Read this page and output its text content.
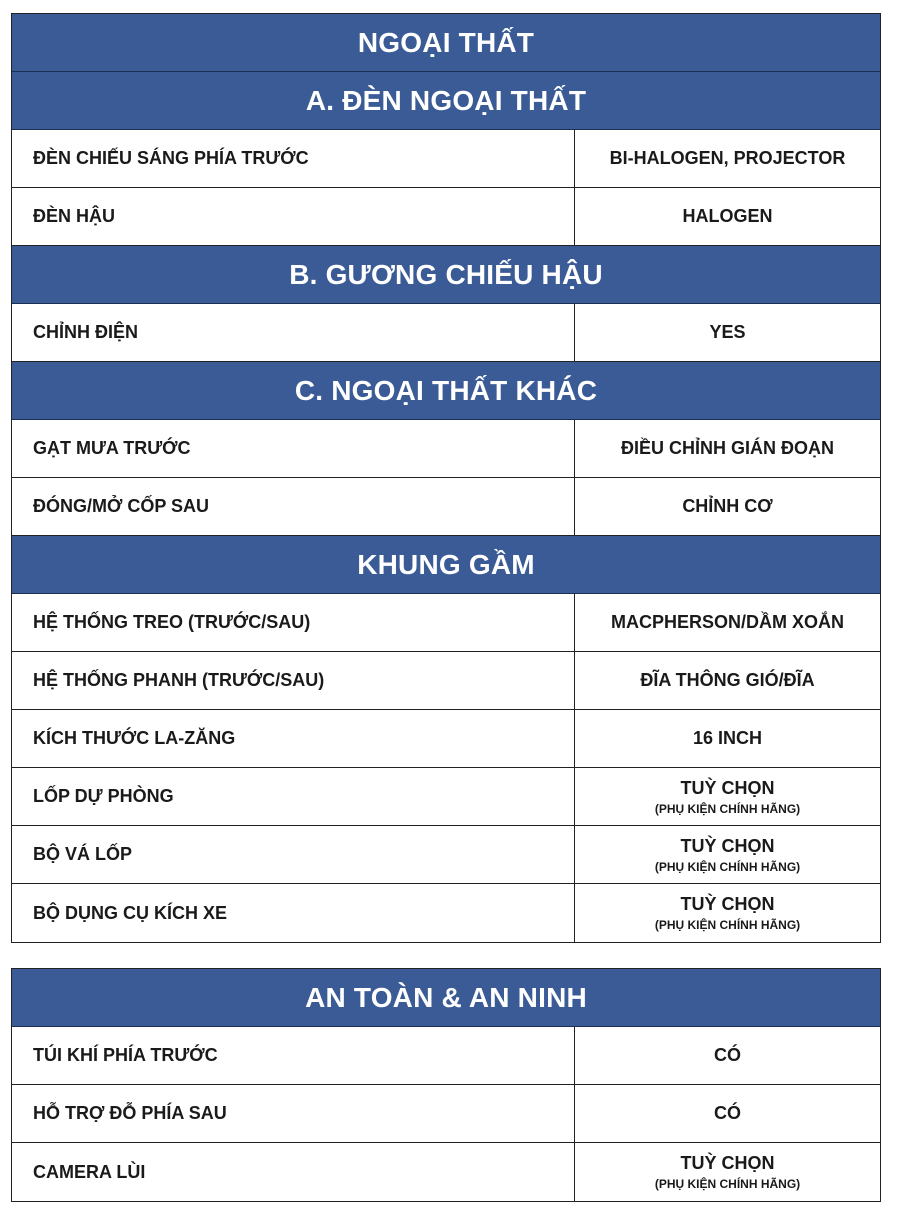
NGOẠI THẤT
A. ĐÈN NGOẠI THẤT
ĐÈN CHIẾU SÁNG PHÍA TRƯỚC	BI-HALOGEN, PROJECTOR
ĐÈN HẬU	HALOGEN
B. GƯƠNG CHIẾU HẬU
CHỈNH ĐIỆN	YES
C. NGOẠI THẤT KHÁC
GẠT MƯA TRƯỚC	ĐIỀU CHỈNH GIÁN ĐOẠN
ĐÓNG/MỞ CỐP SAU	CHỈNH CƠ
KHUNG GẦM
HỆ THỐNG TREO (TRƯỚC/SAU)	MACPHERSON/DẦM XOẮN
HỆ THỐNG PHANH (TRƯỚC/SAU)	ĐĨA THÔNG GIÓ/ĐĨA
KÍCH THƯỚC LA-ZĂNG	16 INCH
LỐP DỰ PHÒNG	TUỲ CHỌN
(PHỤ KIỆN CHÍNH HÃNG)
BỘ VÁ LỐP	TUỲ CHỌN
(PHỤ KIỆN CHÍNH HÃNG)
BỘ DỤNG CỤ KÍCH XE	TUỲ CHỌN
(PHỤ KIỆN CHÍNH HÃNG)
AN TOÀN & AN NINH
TÚI KHÍ PHÍA TRƯỚC	CÓ
HỖ TRỢ ĐỖ PHÍA SAU	CÓ
CAMERA LÙI	TUỲ CHỌN
(PHỤ KIỆN CHÍNH HÃNG)
